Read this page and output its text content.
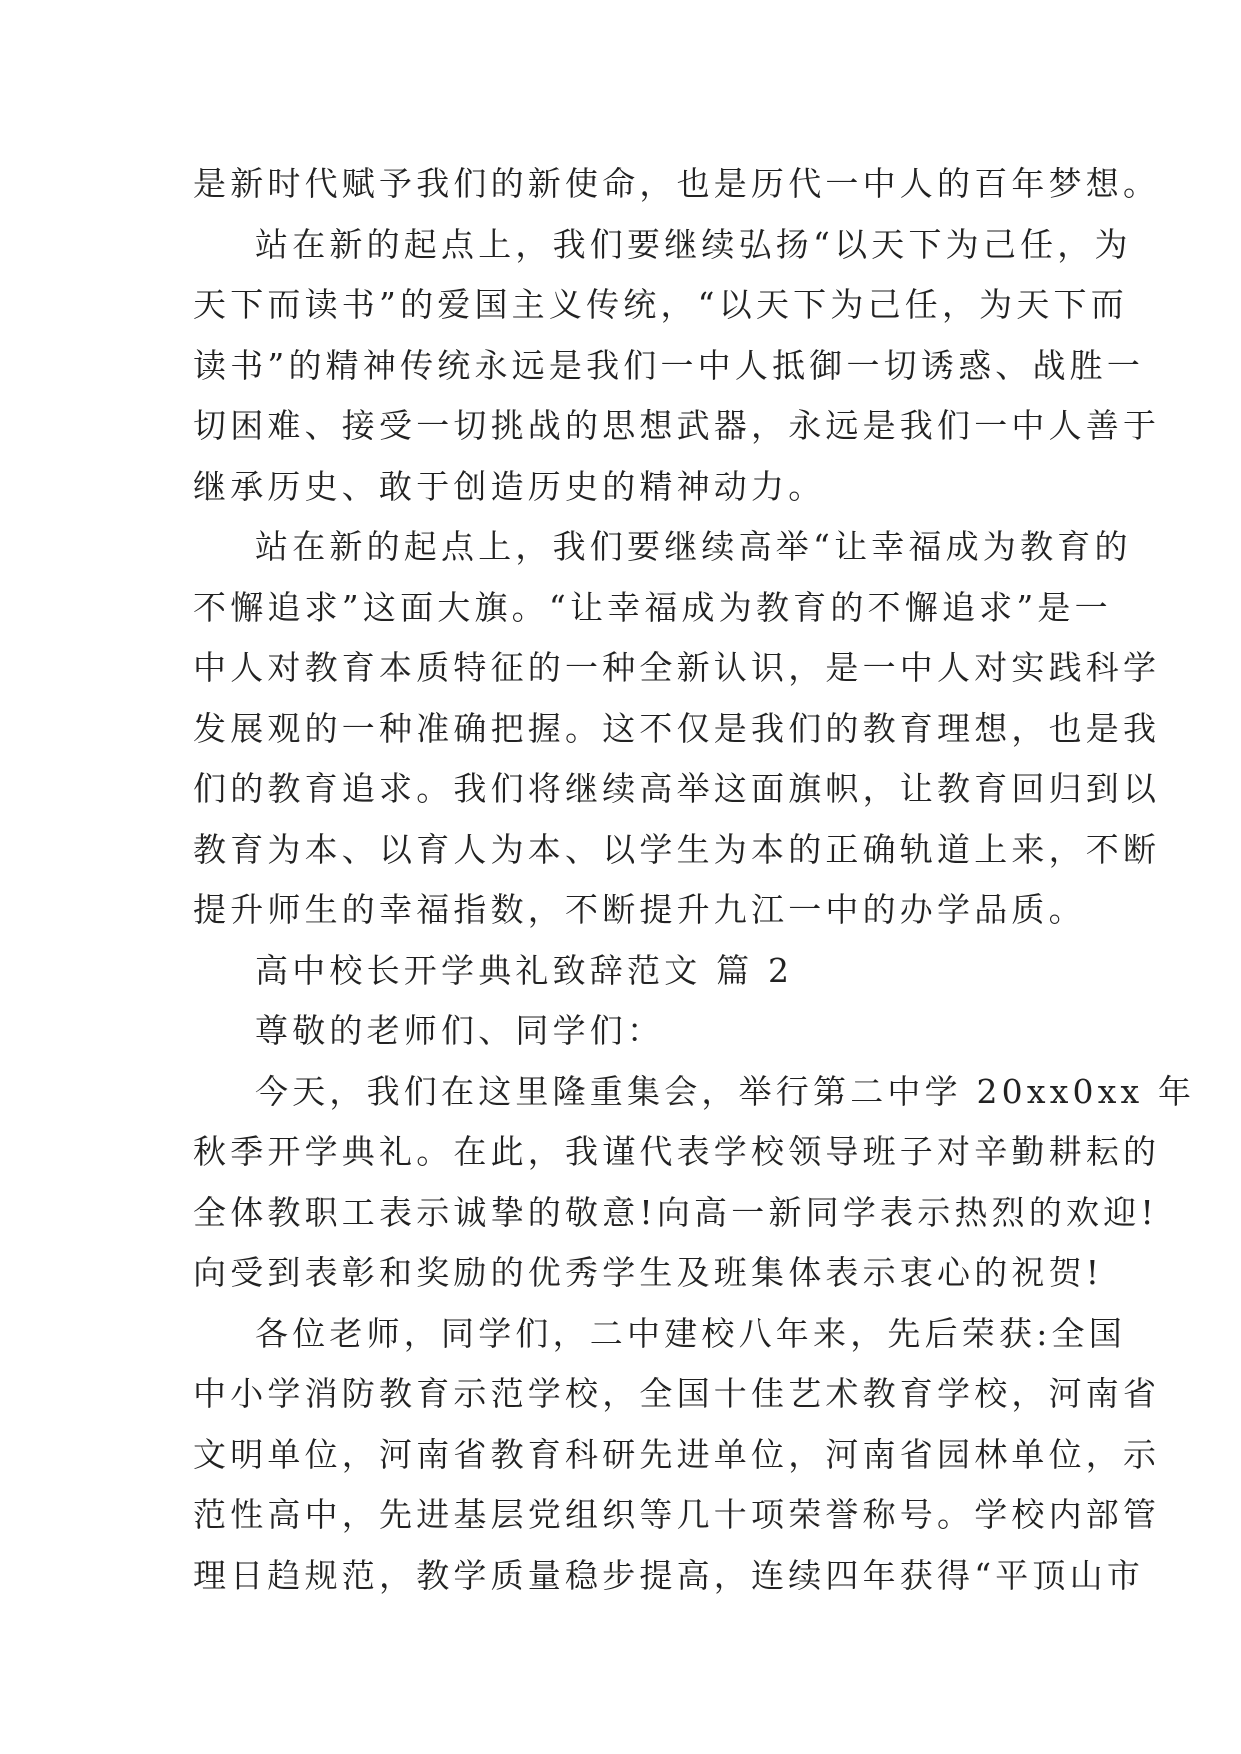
是新时代赋予我们的新使命，也是历代一中人的百年梦想。
站在新的起点上，我们要继续弘扬“以天下为己任，为
天下而读书”的爱国主义传统，“以天下为己任，为天下而
读书”的精神传统永远是我们一中人抵御一切诱惑、战胜一
切困难、接受一切挑战的思想武器，永远是我们一中人善于
继承历史、敢于创造历史的精神动力。
站在新的起点上，我们要继续高举“让幸福成为教育的
不懈追求”这面大旗。“让幸福成为教育的不懈追求”是一
中人对教育本质特征的一种全新认识，是一中人对实践科学
发展观的一种准确把握。这不仅是我们的教育理想，也是我
们的教育追求。我们将继续高举这面旗帜，让教育回归到以
教育为本、以育人为本、以学生为本的正确轨道上来，不断
提升师生的幸福指数，不断提升九江一中的办学品质。
高中校长开学典礼致辞范文 篇 2
尊敬的老师们、同学们：
今天，我们在这里隆重集会，举行第二中学 20xx0xx 年
秋季开学典礼。在此，我谨代表学校领导班子对辛勤耕耘的
全体教职工表示诚挚的敬意!向高一新同学表示热烈的欢迎!
向受到表彰和奖励的优秀学生及班集体表示衷心的祝贺!
各位老师，同学们，二中建校八年来，先后荣获:全国
中小学消防教育示范学校，全国十佳艺术教育学校，河南省
文明单位，河南省教育科研先进单位，河南省园林单位，示
范性高中，先进基层党组织等几十项荣誉称号。学校内部管
理日趋规范，教学质量稳步提高，连续四年获得“平顶山市
